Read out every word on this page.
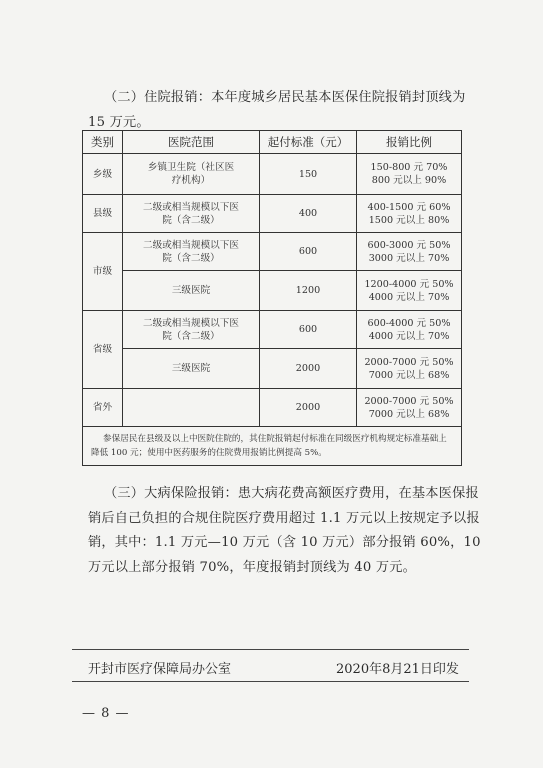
（二）住院报销：本年度城乡居民基本医保住院报销封顶线为 15 万元。

类别	医院范围	起付标准（元）	报销比例
乡级	乡镇卫生院（社区医疗机构）	150	150-800 元 70%
800 元以上 90%

县级	二级或相当规模以下医院（含二级）	400	400-1500 元 60%
1500 元以上 80%

市级	二级或相当规模以下医院（含二级）	600	600-3000 元 50%
3000 元以上 70%

	三级医院	1200	1200-4000 元 50%
4000 元以上 70%

省级	二级或相当规模以下医院（含二级）	600	600-4000 元 50%
4000 元以上 70%

	三级医院	2000	2000-7000 元 50%
7000 元以上 68%

省外		2000	2000-7000 元 50%
7000 元以上 68%

参保居民在县级及以上中医院住院的，其住院报销起付标准在同级医疗机构规定标准基础上降低 100 元；使用中医药服务的住院费用报销比例提高 5%。			

（三）大病保险报销：患大病花费高额医疗费用，在基本医保报销后自己负担的合规住院医疗费用超过 1.1 万元以上按规定予以报销，其中：1.1 万元—10 万元（含 10 万元）部分报销 60%，10 万元以上部分报销 70%，年度报销封顶线为 40 万元。

开封市医疗保障局办公室	2020年8月21日印发
— 8 —
